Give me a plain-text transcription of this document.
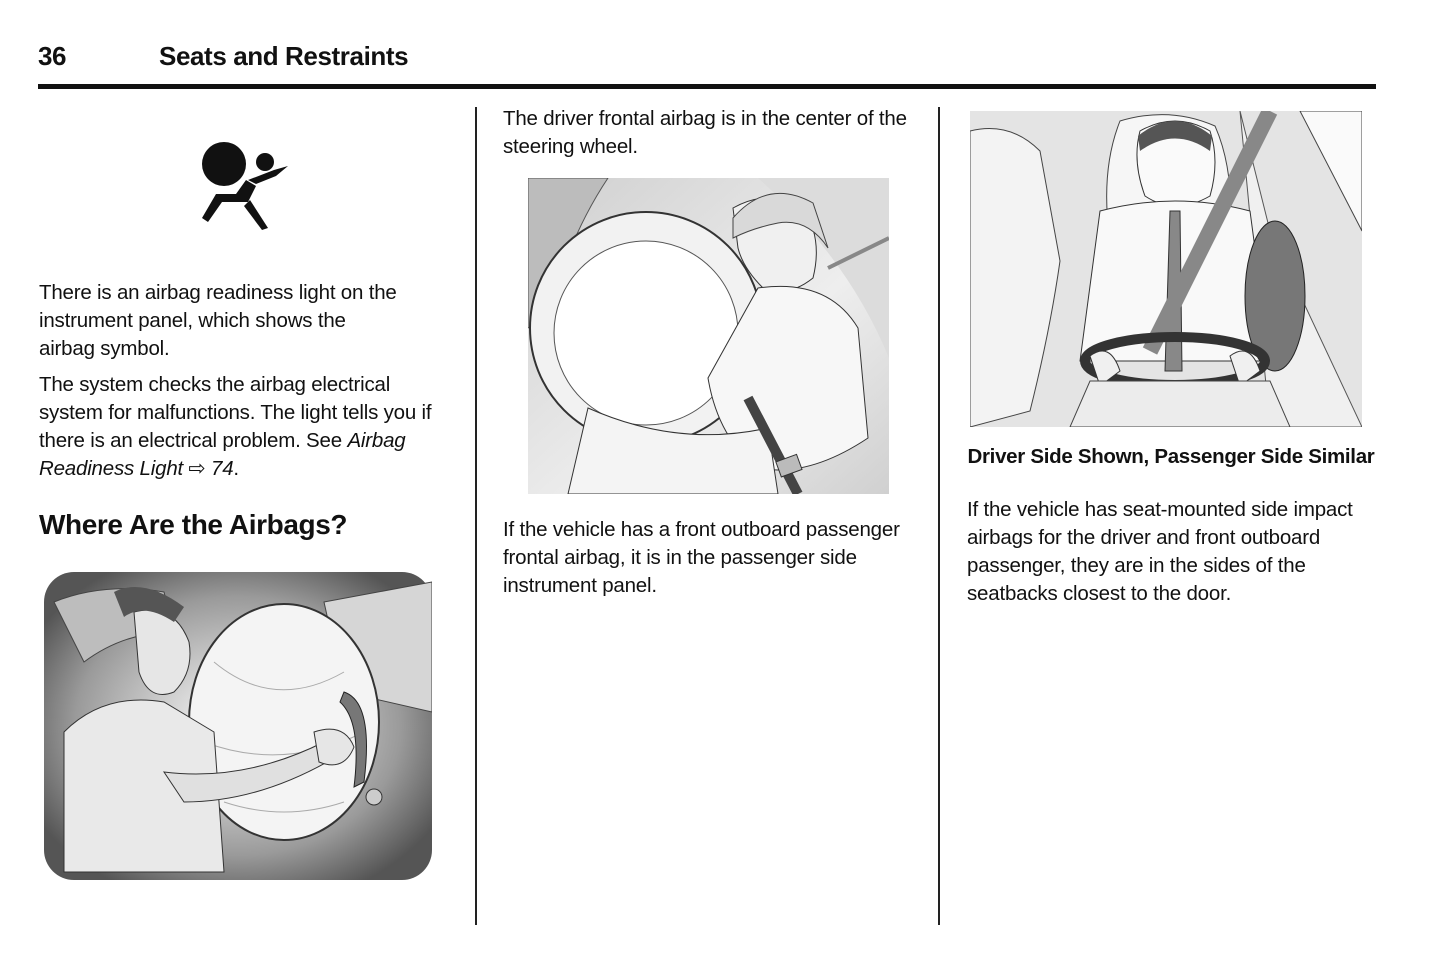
36	Seats and Restraints

There is an airbag readiness light on the instrument panel, which shows the airbag symbol.

The system checks the airbag electrical system for malfunctions. The light tells you if there is an electrical problem. See Airbag Readiness Light ⇨ 74.

Where Are the Airbags?

The driver frontal airbag is in the center of the steering wheel.

If the vehicle has a front outboard passenger frontal airbag, it is in the passenger side instrument panel.

Driver Side Shown, Passenger Side Similar

If the vehicle has seat-mounted side impact airbags for the driver and front outboard passenger, they are in the sides of the seatbacks closest to the door.
